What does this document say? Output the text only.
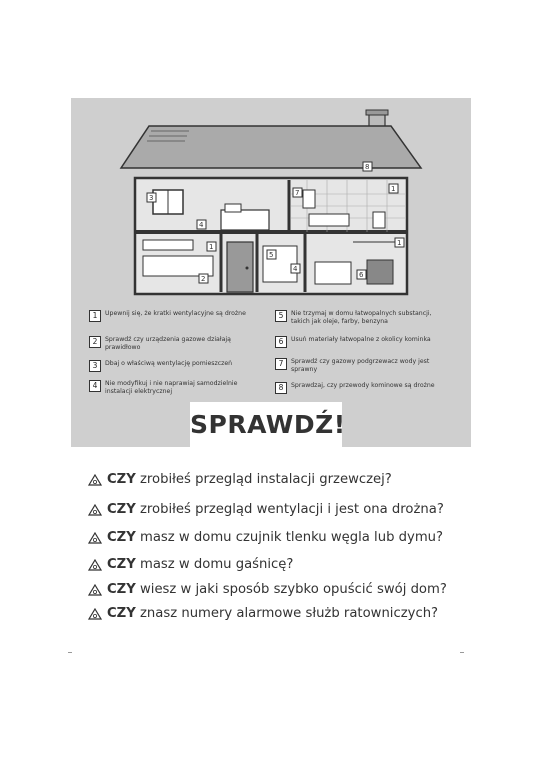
3
4
7	1
1
2
5
4
6
1
8
1	Upewnij się, że kratki wentylacyjne są drożne
2	Sprawdź czy urządzenia gazowe działają prawidłowo
3	Dbaj o właściwą wentylację pomieszczeń
4	Nie modyfikuj i nie naprawiaj samodzielnie instalacji elektrycznej
5	Nie trzymaj w domu łatwopalnych substancji, takich jak oleje, farby, benzyna
6	Usuń materiały łatwopalne z okolicy kominka
7	Sprawdź czy gazowy podgrzewacz wody jest sprawny
8	Sprawdzaj, czy przewody kominowe są drożne
SPRAWDŹ!
CZY zrobiłeś przegląd instalacji grzewczej?
CZY zrobiłeś przegląd wentylacji i jest ona drożna?
CZY masz w domu czujnik tlenku węgla lub dymu?
CZY masz w domu gaśnicę?
CZY wiesz w jaki sposób szybko opuścić swój dom?
CZY znasz numery alarmowe służb ratowniczych?
